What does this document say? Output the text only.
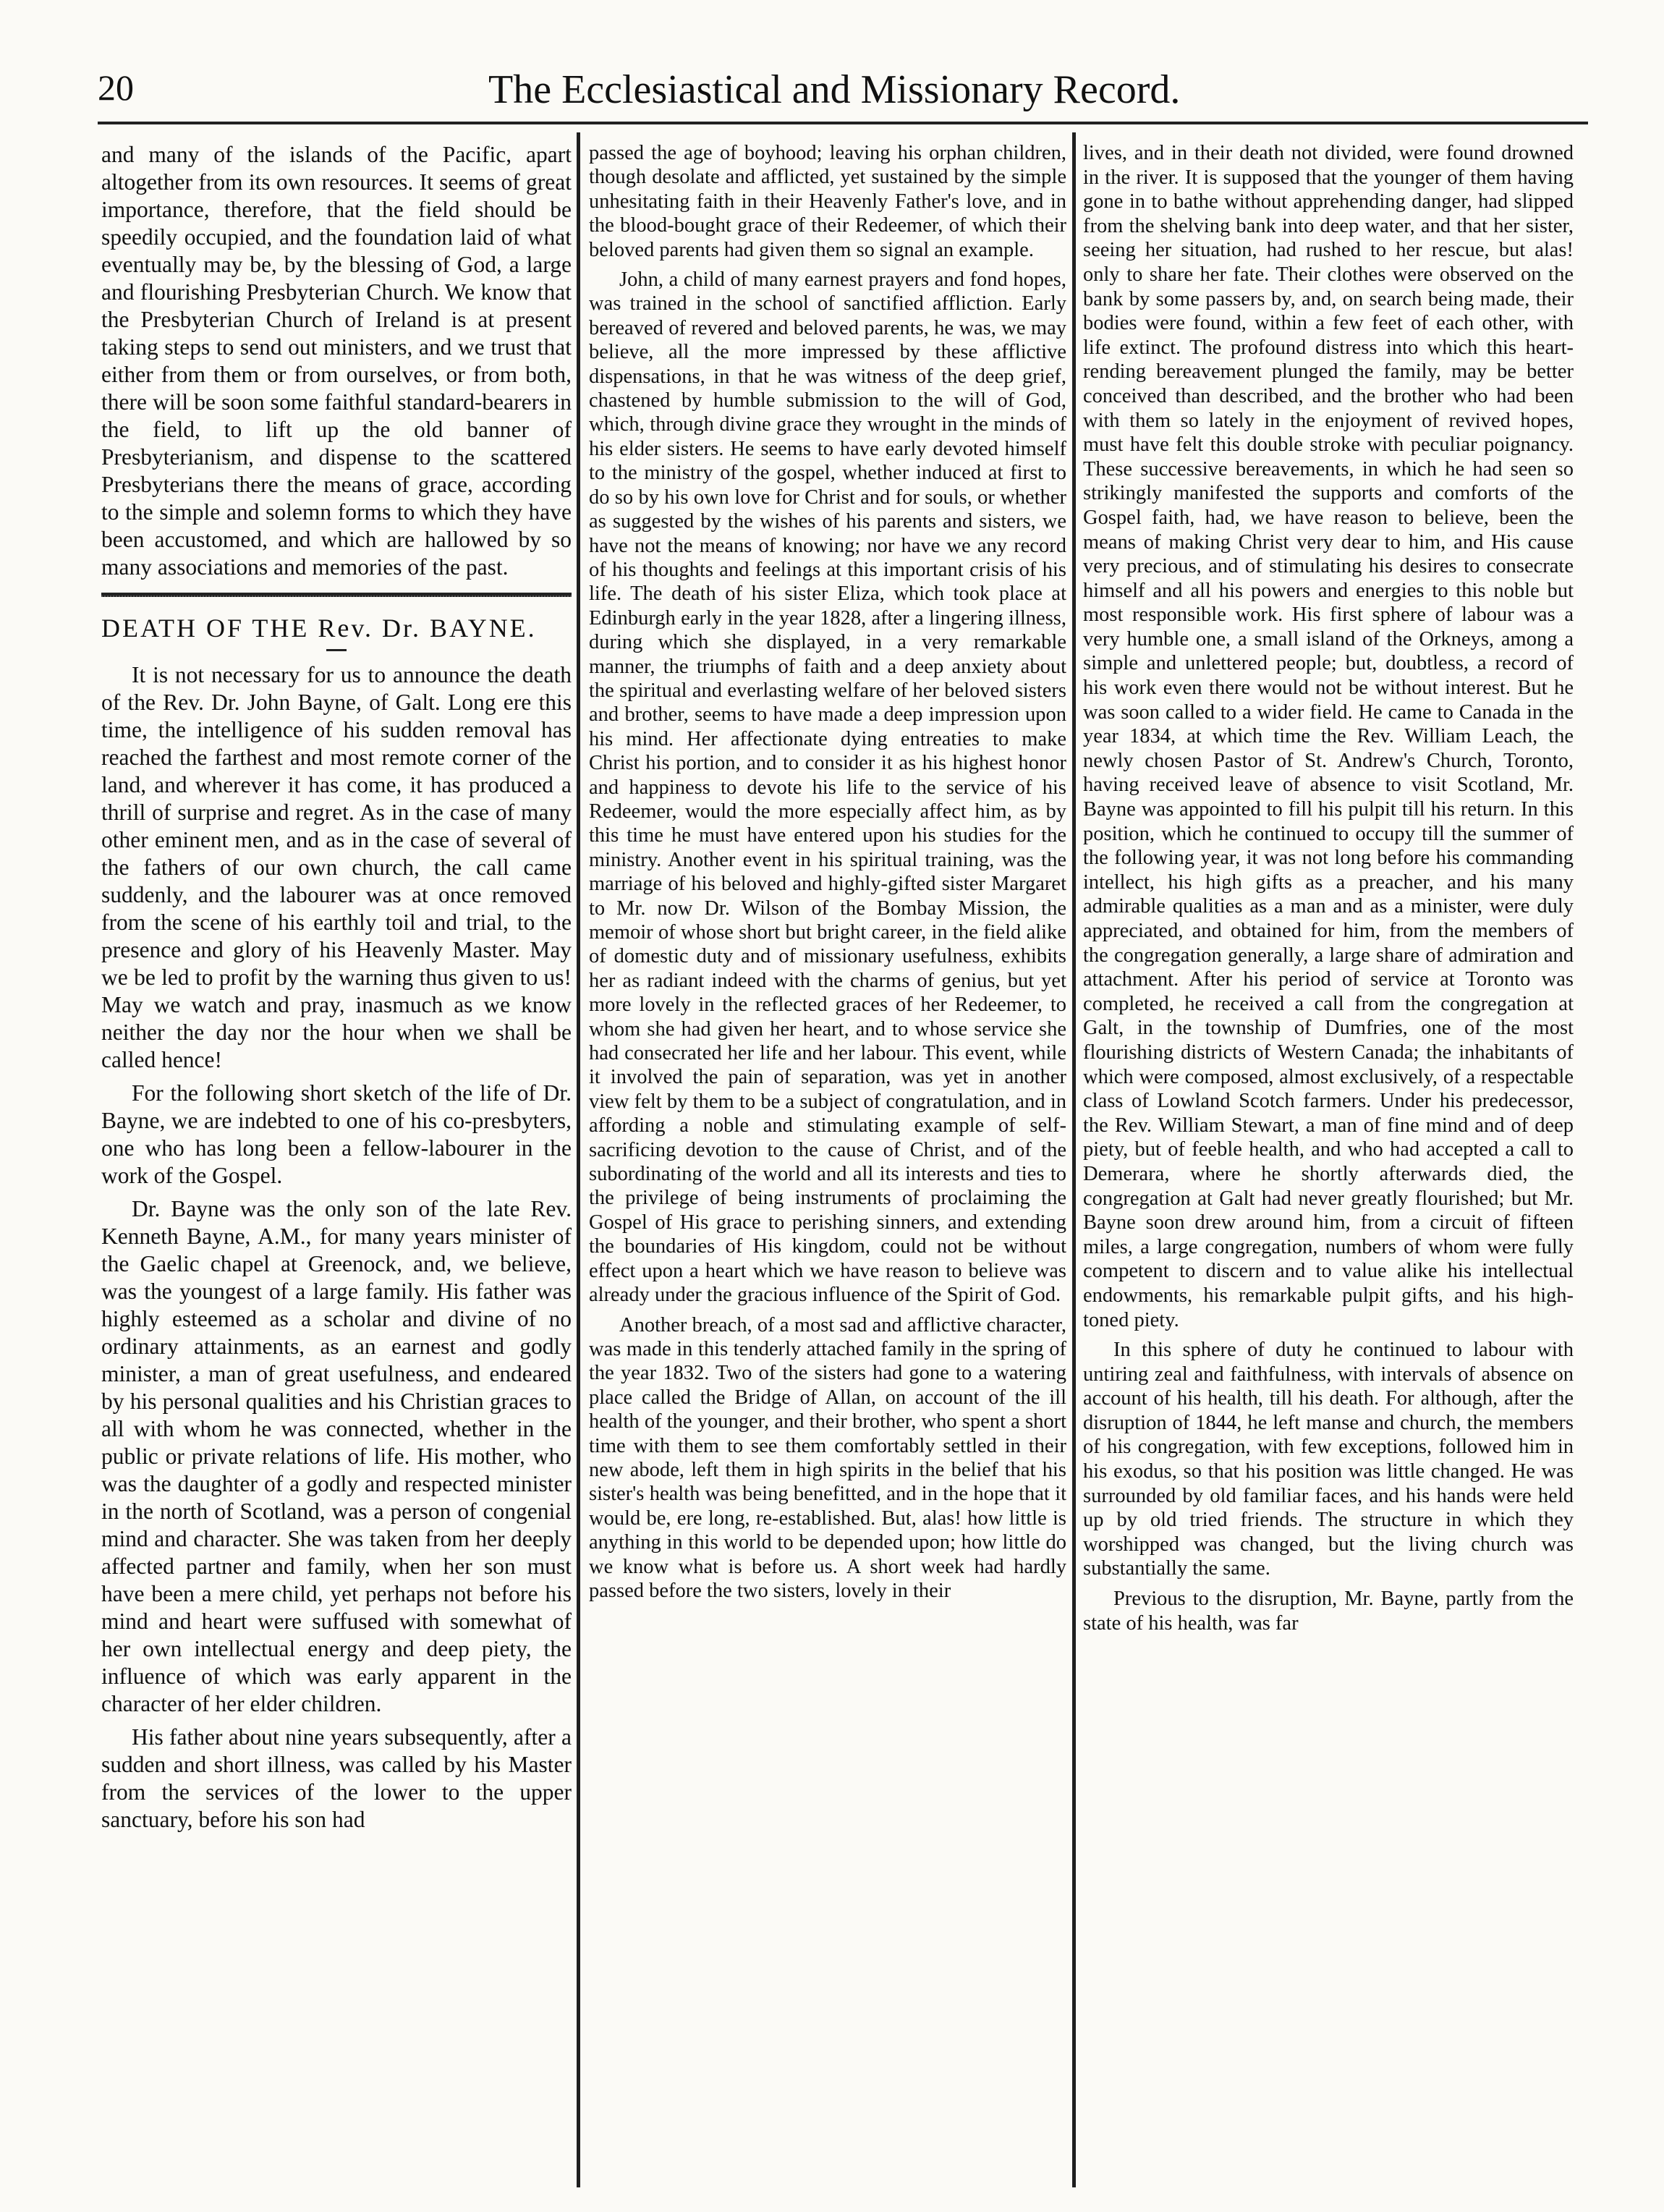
20	The Ecclesiastical and Missionary Record.

and many of the islands of the Pacific, apart altogether from its own resources. It seems of great importance, therefore, that the field should be speedily occupied, and the foundation laid of what eventually may be, by the blessing of God, a large and flourishing Presbyterian Church. We know that the Presbyterian Church of Ireland is at present taking steps to send out ministers, and we trust that either from them or from ourselves, or from both, there will be soon some faithful standard-bearers in the field, to lift up the old banner of Presbyterianism, and dispense to the scattered Presbyterians there the means of grace, according to the simple and solemn forms to which they have been accustomed, and which are hallowed by so many associations and memories of the past.

DEATH OF THE Rev. Dr. BAYNE.

It is not necessary for us to announce the death of the Rev. Dr. John Bayne, of Galt. Long ere this time, the intelligence of his sudden removal has reached the farthest and most remote corner of the land, and wherever it has come, it has produced a thrill of surprise and regret. As in the case of many other eminent men, and as in the case of several of the fathers of our own church, the call came suddenly, and the labourer was at once removed from the scene of his earthly toil and trial, to the presence and glory of his Heavenly Master. May we be led to profit by the warning thus given to us! May we watch and pray, inasmuch as we know neither the day nor the hour when we shall be called hence!

For the following short sketch of the life of Dr. Bayne, we are indebted to one of his co-presbyters, one who has long been a fellow-labourer in the work of the Gospel.

Dr. Bayne was the only son of the late Rev. Kenneth Bayne, A.M., for many years minister of the Gaelic chapel at Greenock, and, we believe, was the youngest of a large family. His father was highly esteemed as a scholar and divine of no ordinary attainments, as an earnest and godly minister, a man of great usefulness, and endeared by his personal qualities and his Christian graces to all with whom he was connected, whether in the public or private relations of life. His mother, who was the daughter of a godly and respected minister in the north of Scotland, was a person of congenial mind and character. She was taken from her deeply affected partner and family, when her son must have been a mere child, yet perhaps not before his mind and heart were suffused with somewhat of her own intellectual energy and deep piety, the influence of which was early apparent in the character of her elder children.

His father about nine years subsequently, after a sudden and short illness, was called by his Master from the services of the lower to the upper sanctuary, before his son had

passed the age of boyhood; leaving his orphan children, though desolate and afflicted, yet sustained by the simple unhesitating faith in their Heavenly Father's love, and in the blood-bought grace of their Redeemer, of which their beloved parents had given them so signal an example.

John, a child of many earnest prayers and fond hopes, was trained in the school of sanctified affliction. Early bereaved of revered and beloved parents, he was, we may believe, all the more impressed by these afflictive dispensations, in that he was witness of the deep grief, chastened by humble submission to the will of God, which, through divine grace they wrought in the minds of his elder sisters. He seems to have early devoted himself to the ministry of the gospel, whether induced at first to do so by his own love for Christ and for souls, or whether as suggested by the wishes of his parents and sisters, we have not the means of knowing; nor have we any record of his thoughts and feelings at this important crisis of his life. The death of his sister Eliza, which took place at Edinburgh early in the year 1828, after a lingering illness, during which she displayed, in a very remarkable manner, the triumphs of faith and a deep anxiety about the spiritual and everlasting welfare of her beloved sisters and brother, seems to have made a deep impression upon his mind. Her affectionate dying entreaties to make Christ his portion, and to consider it as his highest honor and happiness to devote his life to the service of his Redeemer, would the more especially affect him, as by this time he must have entered upon his studies for the ministry. Another event in his spiritual training, was the marriage of his beloved and highly-gifted sister Margaret to Mr. now Dr. Wilson of the Bombay Mission, the memoir of whose short but bright career, in the field alike of domestic duty and of missionary usefulness, exhibits her as radiant indeed with the charms of genius, but yet more lovely in the reflected graces of her Redeemer, to whom she had given her heart, and to whose service she had consecrated her life and her labour. This event, while it involved the pain of separation, was yet in another view felt by them to be a subject of congratulation, and in affording a noble and stimulating example of self-sacrificing devotion to the cause of Christ, and of the subordinating of the world and all its interests and ties to the privilege of being instruments of proclaiming the Gospel of His grace to perishing sinners, and extending the boundaries of His kingdom, could not be without effect upon a heart which we have reason to believe was already under the gracious influence of the Spirit of God.

Another breach, of a most sad and afflictive character, was made in this tenderly attached family in the spring of the year 1832. Two of the sisters had gone to a watering place called the Bridge of Allan, on account of the ill health of the younger, and their brother, who spent a short time with them to see them comfortably settled in their new abode, left them in high spirits in the belief that his sister's health was being benefitted, and in the hope that it would be, ere long, re-established. But, alas! how little is anything in this world to be depended upon; how little do we know what is before us. A short week had hardly passed before the two sisters, lovely in their

lives, and in their death not divided, were found drowned in the river. It is supposed that the younger of them having gone in to bathe without apprehending danger, had slipped from the shelving bank into deep water, and that her sister, seeing her situation, had rushed to her rescue, but alas! only to share her fate. Their clothes were observed on the bank by some passers by, and, on search being made, their bodies were found, within a few feet of each other, with life extinct. The profound distress into which this heart-rending bereavement plunged the family, may be better conceived than described, and the brother who had been with them so lately in the enjoyment of revived hopes, must have felt this double stroke with peculiar poignancy. These successive bereavements, in which he had seen so strikingly manifested the supports and comforts of the Gospel faith, had, we have reason to believe, been the means of making Christ very dear to him, and His cause very precious, and of stimulating his desires to consecrate himself and all his powers and energies to this noble but most responsible work. His first sphere of labour was a very humble one, a small island of the Orkneys, among a simple and unlettered people; but, doubtless, a record of his work even there would not be without interest. But he was soon called to a wider field. He came to Canada in the year 1834, at which time the Rev. William Leach, the newly chosen Pastor of St. Andrew's Church, Toronto, having received leave of absence to visit Scotland, Mr. Bayne was appointed to fill his pulpit till his return. In this position, which he continued to occupy till the summer of the following year, it was not long before his commanding intellect, his high gifts as a preacher, and his many admirable qualities as a man and as a minister, were duly appreciated, and obtained for him, from the members of the congregation generally, a large share of admiration and attachment. After his period of service at Toronto was completed, he received a call from the congregation at Galt, in the township of Dumfries, one of the most flourishing districts of Western Canada; the inhabitants of which were composed, almost exclusively, of a respectable class of Lowland Scotch farmers. Under his predecessor, the Rev. William Stewart, a man of fine mind and of deep piety, but of feeble health, and who had accepted a call to Demerara, where he shortly afterwards died, the congregation at Galt had never greatly flourished; but Mr. Bayne soon drew around him, from a circuit of fifteen miles, a large congregation, numbers of whom were fully competent to discern and to value alike his intellectual endowments, his remarkable pulpit gifts, and his high-toned piety.

In this sphere of duty he continued to labour with untiring zeal and faithfulness, with intervals of absence on account of his health, till his death. For although, after the disruption of 1844, he left manse and church, the members of his congregation, with few exceptions, followed him in his exodus, so that his position was little changed. He was surrounded by old familiar faces, and his hands were held up by old tried friends. The structure in which they worshipped was changed, but the living church was substantially the same.

Previous to the disruption, Mr. Bayne, partly from the state of his health, was far
